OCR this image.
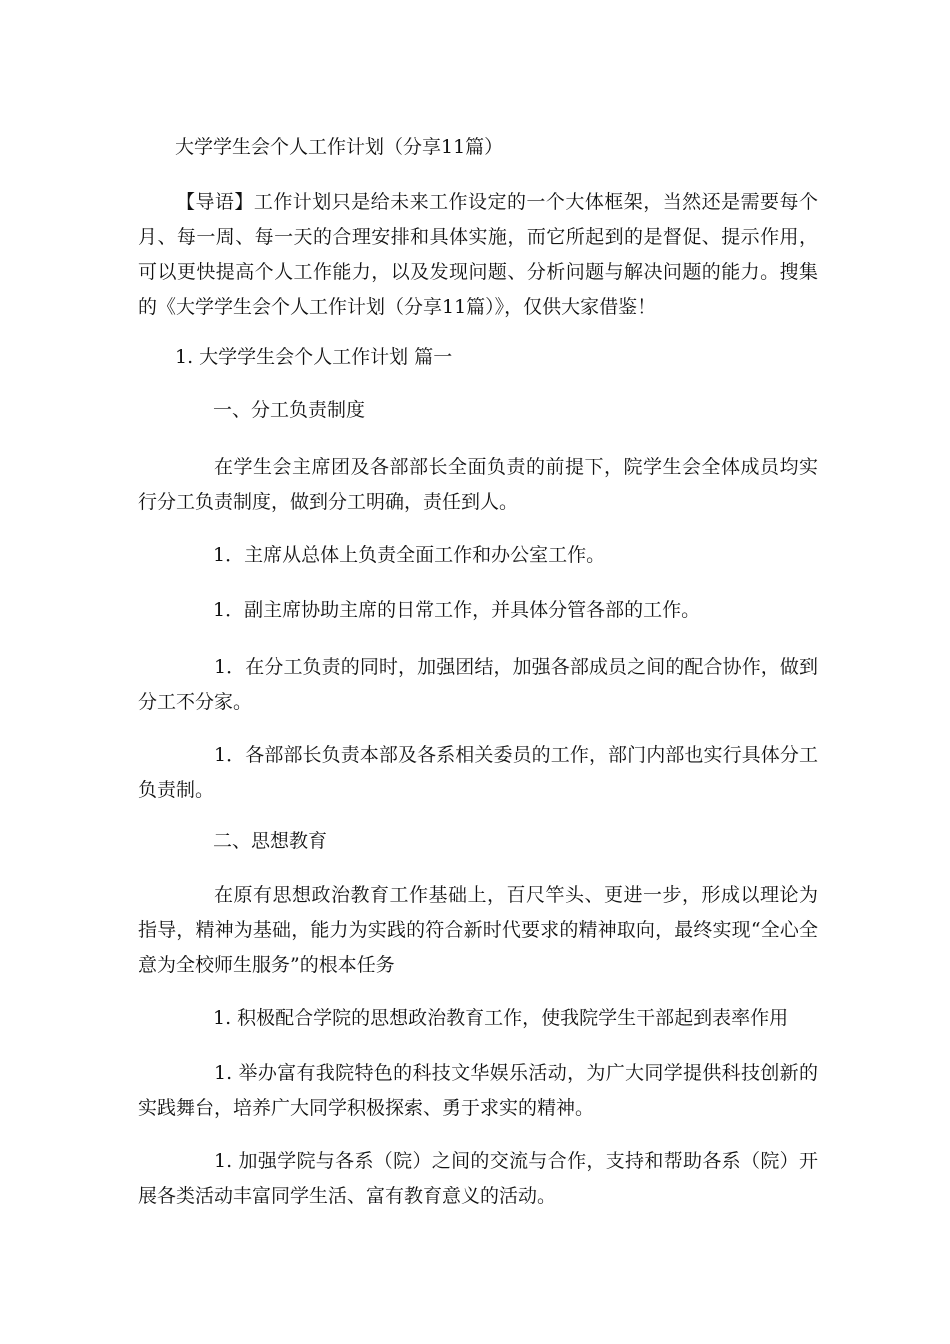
大学学生会个人工作计划（分享11篇）
【导语】工作计划只是给未来工作设定的一个大体框架，当然还是需要每个月、每一周、每一天的合理安排和具体实施，而它所起到的是督促、提示作用，可以更快提高个人工作能力，以及发现问题、分析问题与解决问题的能力。搜集的《大学学生会个人工作计划（分享11篇）》，仅供大家借鉴！
1. 大学学生会个人工作计划 篇一
一、分工负责制度
在学生会主席团及各部部长全面负责的前提下，院学生会全体成员均实行分工负责制度，做到分工明确，责任到人。
1．主席从总体上负责全面工作和办公室工作。
1．副主席协助主席的日常工作，并具体分管各部的工作。
1．在分工负责的同时，加强团结，加强各部成员之间的配合协作，做到分工不分家。
1．各部部长负责本部及各系相关委员的工作，部门内部也实行具体分工负责制。
二、思想教育
在原有思想政治教育工作基础上，百尺竿头、更进一步，形成以理论为指导，精神为基础，能力为实践的符合新时代要求的精神取向，最终实现“全心全意为全校师生服务”的根本任务
1. 积极配合学院的思想政治教育工作，使我院学生干部起到表率作用
1. 举办富有我院特色的科技文华娱乐活动，为广大同学提供科技创新的实践舞台，培养广大同学积极探索、勇于求实的精神。
1. 加强学院与各系（院）之间的交流与合作，支持和帮助各系（院）开展各类活动丰富同学生活、富有教育意义的活动。
